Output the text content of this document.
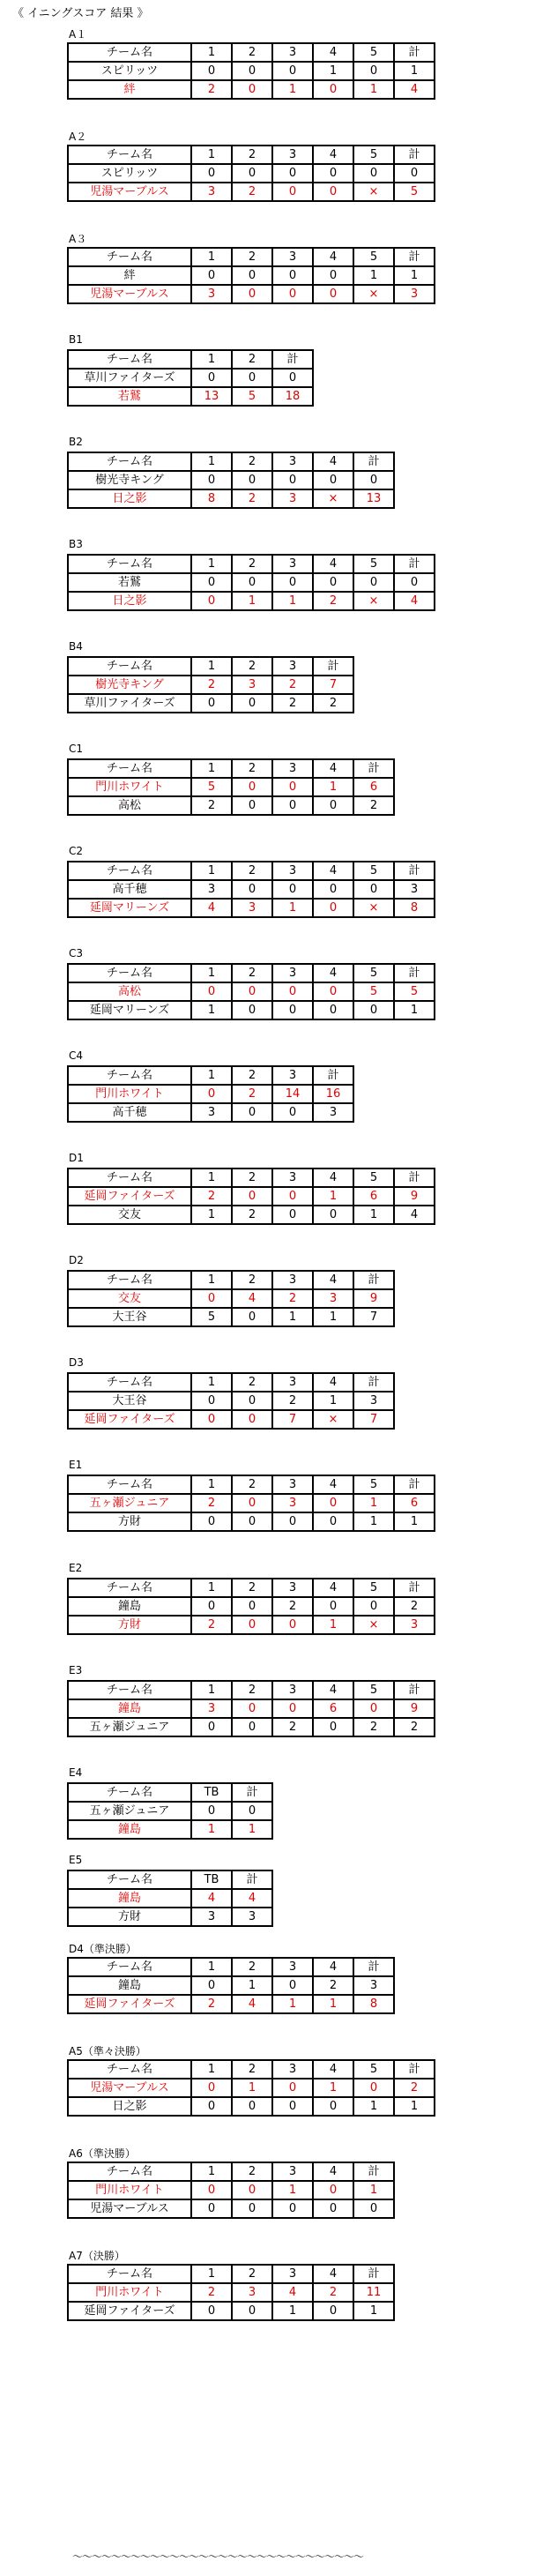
《 イニングスコア 結果 》
A１
チーム名	1	2	3	4	5	計
スピリッツ	0	0	0	1	0	1
絆	2	0	1	0	1	4
A２
チーム名	1	2	3	4	5	計
スピリッツ	0	0	0	0	0	0
児湯マーブルス	3	2	0	0	×	5
A３
チーム名	1	2	3	4	5	計
絆	0	0	0	0	1	1
児湯マーブルス	3	0	0	0	×	3
B1
チーム名	1	2	計
草川ファイターズ	0	0	0
若鷲	13	5	18
B2
チーム名	1	2	3	4	計
樹光寺キング	0	0	0	0	0
日之影	8	2	3	×	13
B3
チーム名	1	2	3	4	5	計
若鷲	0	0	0	0	0	0
日之影	0	1	1	2	×	4
B4
チーム名	1	2	3	計
樹光寺キング	2	3	2	7
草川ファイターズ	0	0	2	2
C1
チーム名	1	2	3	4	計
門川ホワイト	5	0	0	1	6
高松	2	0	0	0	2
C2
チーム名	1	2	3	4	5	計
高千穂	3	0	0	0	0	3
延岡マリーンズ	4	3	1	0	×	8
C3
チーム名	1	2	3	4	5	計
高松	0	0	0	0	5	5
延岡マリーンズ	1	0	0	0	0	1
C4
チーム名	1	2	3	計
門川ホワイト	0	2	14	16
高千穂	3	0	0	3
D1
チーム名	1	2	3	4	5	計
延岡ファイターズ	2	0	0	1	6	9
交友	1	2	0	0	1	4
D2
チーム名	1	2	3	4	計
交友	0	4	2	3	9
大王谷	5	0	1	1	7
D3
チーム名	1	2	3	4	計
大王谷	0	0	2	1	3
延岡ファイターズ	0	0	7	×	7
E1
チーム名	1	2	3	4	5	計
五ヶ瀬ジュニア	2	0	3	0	1	6
方財	0	0	0	0	1	1
E2
チーム名	1	2	3	4	5	計
鐘島	0	0	2	0	0	2
方財	2	0	0	1	×	3
E3
チーム名	1	2	3	4	5	計
鐘島	3	0	0	6	0	9
五ヶ瀬ジュニア	0	0	2	0	2	2
E4
チーム名	TB	計
五ヶ瀬ジュニア	0	0
鐘島	1	1
E5
チーム名	TB	計
鐘島	4	4
方財	3	3
D4（準決勝）
チーム名	1	2	3	4	計
鐘島	0	1	0	2	3
延岡ファイターズ	2	4	1	1	8
A5（準々決勝）
チーム名	1	2	3	4	5	計
児湯マーブルス	0	1	0	1	0	2
日之影	0	0	0	0	1	1
A6（準決勝）
チーム名	1	2	3	4	計
門川ホワイト	0	0	1	0	1
児湯マーブルス	0	0	0	0	0
A7（決勝）
チーム名	1	2	3	4	計
門川ホワイト	2	3	4	2	11
延岡ファイターズ	0	0	1	0	1
〜〜〜〜〜〜〜〜〜〜〜〜〜〜〜〜〜〜〜〜〜〜〜〜〜〜〜〜〜〜
